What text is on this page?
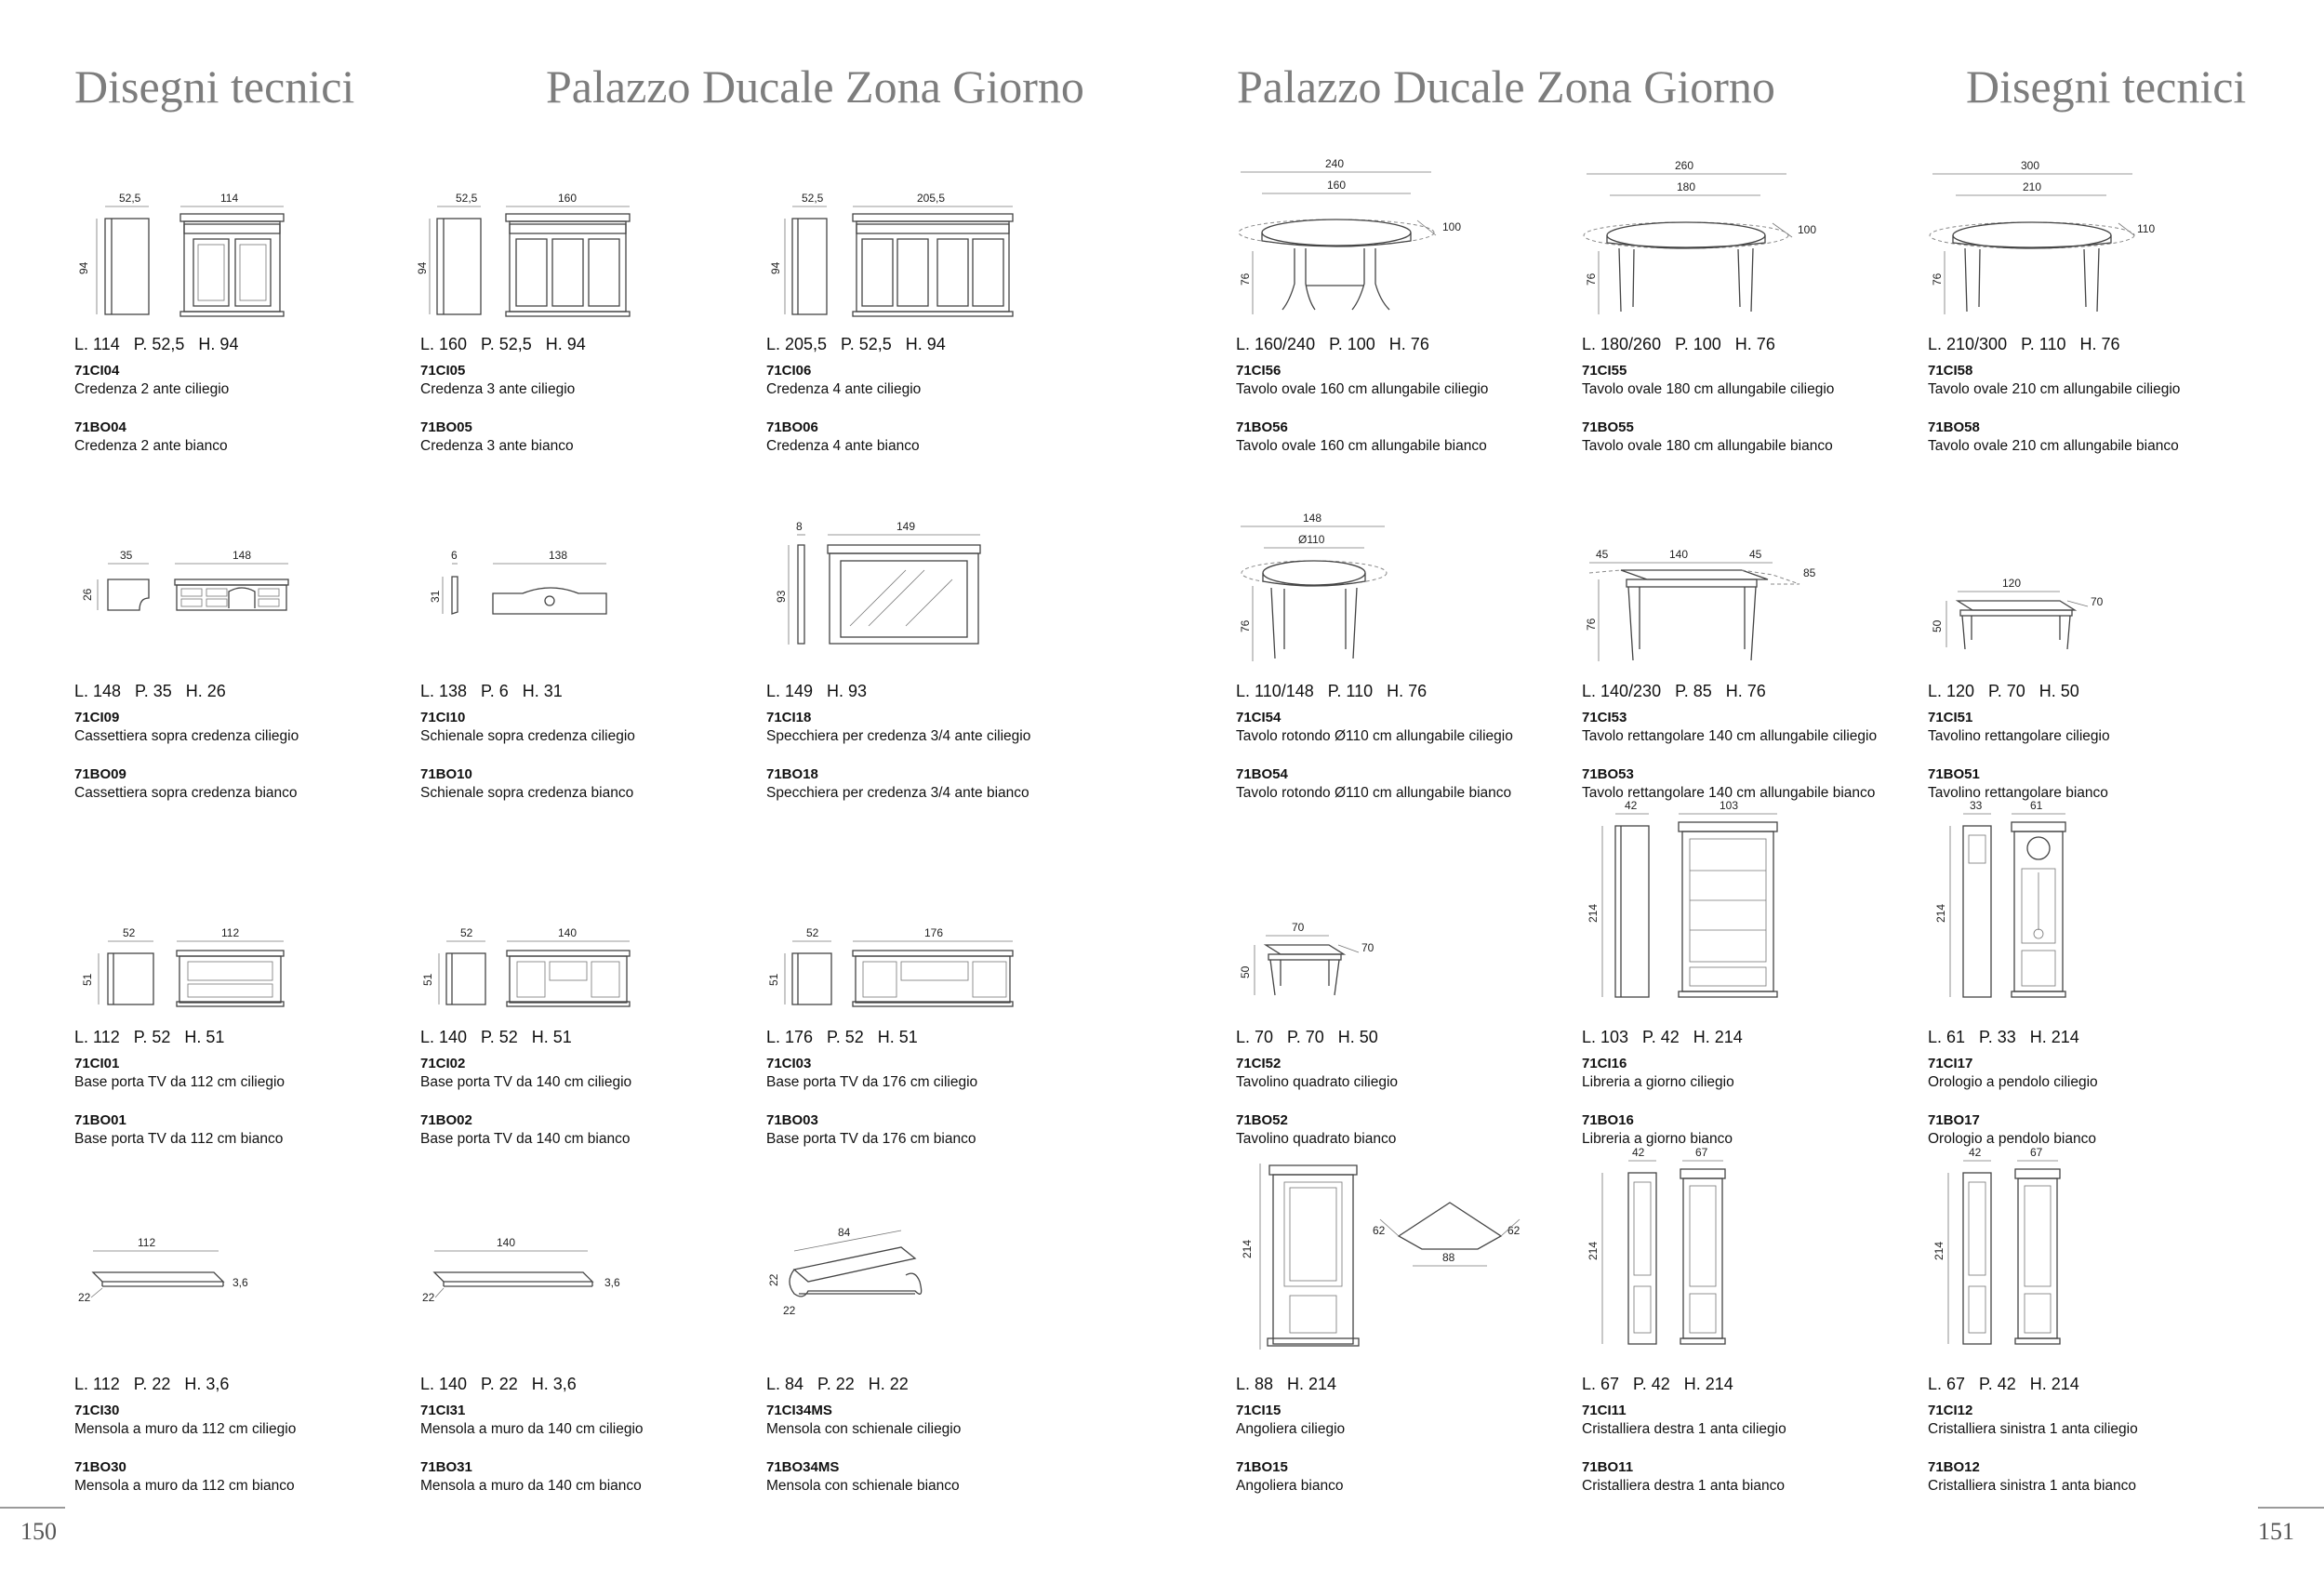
Disegni tecnici	Palazzo Ducale Zona Giorno	Palazzo Ducale Zona Giorno	Disegni tecnici
52,5	114
94
L. 114   P. 52,5   H. 94
71CI04
Credenza 2 ante ciliegio
71BO04
Credenza 2 ante bianco
52,5	160
94
L. 160   P. 52,5   H. 94
71CI05
Credenza 3 ante ciliegio
71BO05
Credenza 3 ante bianco
52,5	205,5
94
L. 205,5   P. 52,5   H. 94
71CI06
Credenza 4 ante ciliegio
71BO06
Credenza 4 ante bianco
35	148
26
L. 148   P. 35   H. 26
71CI09
Cassettiera sopra credenza ciliegio
71BO09
Cassettiera sopra credenza bianco
6	138
31
L. 138   P. 6   H. 31
71CI10
Schienale sopra credenza ciliegio
71BO10
Schienale sopra credenza bianco
8	149
93
L. 149   H. 93
71CI18
Specchiera per credenza 3/4 ante ciliegio
71BO18
Specchiera per credenza 3/4 ante bianco
52	112
51
L. 112   P. 52   H. 51
71CI01
Base porta TV da 112 cm ciliegio
71BO01
Base porta TV da 112 cm bianco
52	140
51
L. 140   P. 52   H. 51
71CI02
Base porta TV da 140 cm ciliegio
71BO02
Base porta TV da 140 cm bianco
52	176
51
L. 176   P. 52   H. 51
71CI03
Base porta TV da 176 cm ciliegio
71BO03
Base porta TV da 176 cm bianco
112
3,6
22
L. 112   P. 22   H. 3,6
71CI30
Mensola a muro da 112 cm ciliegio
71BO30
Mensola a muro da 112 cm bianco
140
3,6
22
L. 140   P. 22   H. 3,6
71CI31
Mensola a muro da 140 cm ciliegio
71BO31
Mensola a muro da 140 cm bianco
84
22
22
L. 84   P. 22   H. 22
71CI34MS
Mensola con schienale ciliegio
71BO34MS
Mensola con schienale bianco
240
160
100
76
L. 160/240   P. 100   H. 76
71CI56
Tavolo ovale 160 cm allungabile ciliegio
71BO56
Tavolo ovale 160 cm allungabile bianco
260
180
100
76
L. 180/260   P. 100   H. 76
71CI55
Tavolo ovale 180 cm allungabile ciliegio
71BO55
Tavolo ovale 180 cm allungabile bianco
300
210
110
76
L. 210/300   P. 110   H. 76
71CI58
Tavolo ovale 210 cm allungabile ciliegio
71BO58
Tavolo ovale 210 cm allungabile bianco
148
Ø110
76
L. 110/148   P. 110   H. 76
71CI54
Tavolo rotondo Ø110 cm allungabile ciliegio
71BO54
Tavolo rotondo Ø110 cm allungabile bianco
45	140	45
85
76
L. 140/230   P. 85   H. 76
71CI53
Tavolo rettangolare 140 cm allungabile ciliegio
71BO53
Tavolo rettangolare 140 cm allungabile bianco
120
70
50
L. 120   P. 70   H. 50
71CI51
Tavolino rettangolare ciliegio
71BO51
Tavolino rettangolare bianco
70
70
50
L. 70   P. 70   H. 50
71CI52
Tavolino quadrato ciliegio
71BO52
Tavolino quadrato bianco
42	103
214
L. 103   P. 42   H. 214
71CI16
Libreria a giorno ciliegio
71BO16
Libreria a giorno bianco
33	61
214
L. 61   P. 33   H. 214
71CI17
Orologio a pendolo ciliegio
71BO17
Orologio a pendolo bianco
214
62	62
88
L. 88   H. 214
71CI15
Angoliera ciliegio
71BO15
Angoliera bianco
42	67
214
L. 67   P. 42   H. 214
71CI11
Cristalliera destra 1 anta ciliegio
71BO11
Cristalliera destra 1 anta bianco
42	67
214
L. 67   P. 42   H. 214
71CI12
Cristalliera sinistra 1 anta ciliegio
71BO12
Cristalliera sinistra 1 anta bianco
150	151
